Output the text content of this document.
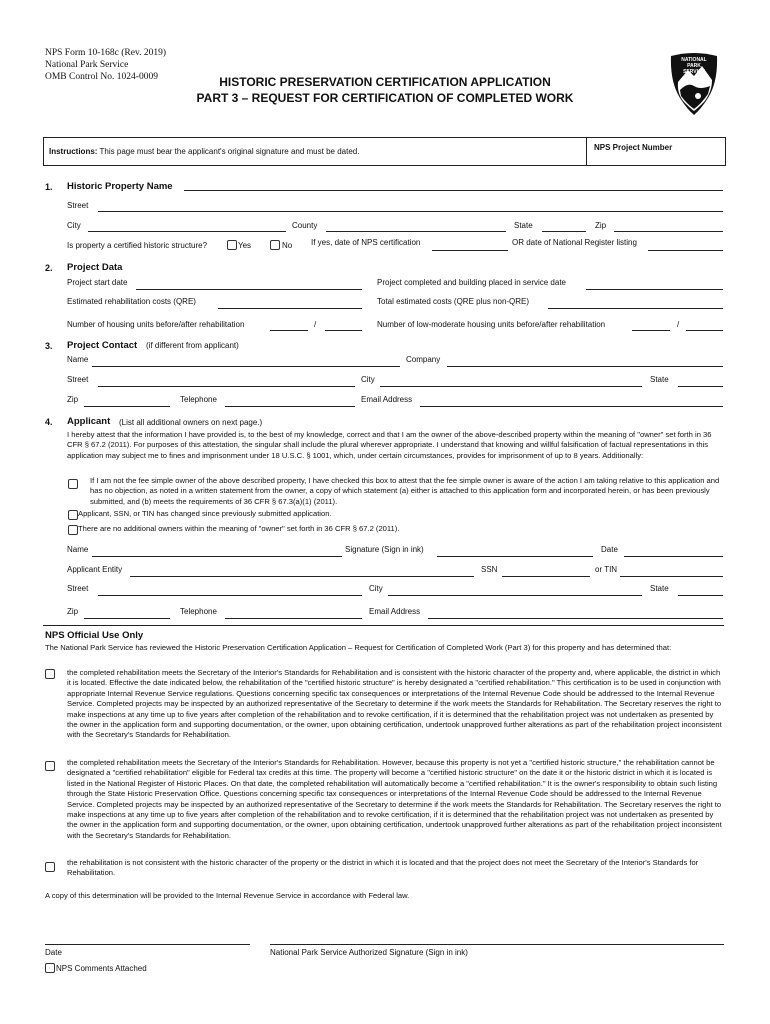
NPS Form 10-168c (Rev. 2019)
National Park Service
OMB Control No. 1024-0009	HISTORIC PRESERVATION CERTIFICATION APPLICATION
PART 3 – REQUEST FOR CERTIFICATION OF COMPLETED WORK
NATIONAL
PARK
SERVICE
Instructions: This page must bear the applicant's original signature and must be dated.	NPS Project Number
1. Historic Property Name
Street
City	County	State	Zip
Is property a certified historic structure?	Yes	No If yes, date of NPS certification	OR date of National Register listing
2. Project Data
Project start date	Project completed and building placed in service date
Estimated rehabilitation costs (QRE)	Total estimated costs (QRE plus non-QRE)
Number of housing units before/after rehabilitation	/	Number of low-moderate housing units before/after rehabilitation	/
3. Project Contact (if different from applicant)
Name	Company
Street	City	State
Zip	Telephone	Email Address
4. Applicant (List all additional owners on next page.)
I hereby attest that the information I have provided is, to the best of my knowledge, correct and that I am the owner of the above-described property within the meaning of "owner" set forth in 36 CFR § 67.2 (2011). For purposes of this attestation, the singular shall include the plural wherever appropriate. I understand that knowing and willful falsification of factual representations in this application may subject me to fines and imprisonment under 18 U.S.C. § 1001, which, under certain circumstances, provides for imprisonment of up to 8 years. Additionally:
If I am not the fee simple owner of the above described property, I have checked this box to attest that the fee simple owner is aware of the action I am taking relative to this application and has no objection, as noted in a written statement from the owner, a copy of which statement (a) either is attached to this application form and incorporated herein, or has been previously submitted, and (b) meets the requirements of 36 CFR § 67.3(a)(1) (2011).
Applicant, SSN, or TIN has changed since previously submitted application.
There are no additional owners within the meaning of "owner" set forth in 36 CFR § 67.2 (2011).
Name	Signature (Sign in ink)	Date
Applicant Entity	SSN	or TIN
Street	City	State
Zip	Telephone	Email Address
NPS Official Use Only
The National Park Service has reviewed the Historic Preservation Certification Application – Request for Certification of Completed Work (Part 3) for this property and has determined that:
the completed rehabilitation meets the Secretary of the Interior's Standards for Rehabilitation and is consistent with the historic character of the property and, where applicable, the district in which it is located. Effective the date indicated below, the rehabilitation of the "certified historic structure" is hereby designated a "certified rehabilitation." This certification is to be used in conjunction with appropriate Internal Revenue Service regulations. Questions concerning specific tax consequences or interpretations of the Internal Revenue Code should be addressed to the Internal Revenue Service. Completed projects may be inspected by an authorized representative of the Secretary to determine if the work meets the Standards for Rehabilitation. The Secretary reserves the right to make inspections at any time up to five years after completion of the rehabilitation and to revoke certification, if it is determined that the rehabilitation project was not undertaken as presented by the owner in the application form and supporting documentation, or the owner, upon obtaining certification, undertook unapproved further alterations as part of the rehabilitation project inconsistent with the Secretary's Standards for Rehabilitation.
the completed rehabilitation meets the Secretary of the Interior's Standards for Rehabilitation. However, because this property is not yet a "certified historic structure," the rehabilitation cannot be designated a "certified rehabilitation" eligible for Federal tax credits at this time. The property will become a "certified historic structure" on the date it or the historic district in which it is located is listed in the National Register of Historic Places. On that date, the completed rehabilitation will automatically become a "certified rehabilitation." It is the owner's responsibility to obtain such listing through the State Historic Preservation Office. Questions concerning specific tax consequences or interpretations of the Internal Revenue Code should be addressed to the Internal Revenue Service. Completed projects may be inspected by an authorized representative of the Secretary to determine if the work meets the Standards for Rehabilitation. The Secretary reserves the right to make inspections at any time up to five years after completion of the rehabilitation and to revoke certification, if it is determined that the rehabilitation project was not undertaken as presented by the owner in the application form and supporting documentation, or the owner, upon obtaining certification, undertook unapproved further alterations as part of the rehabilitation project inconsistent with the Secretary's Standards for Rehabilitation.
the rehabilitation is not consistent with the historic character of the property or the district in which it is located and that the project does not meet the Secretary of the Interior's Standards for Rehabilitation.
A copy of this determination will be provided to the Internal Revenue Service in accordance with Federal law.
Date	National Park Service Authorized Signature (Sign in ink)
NPS Comments Attached
